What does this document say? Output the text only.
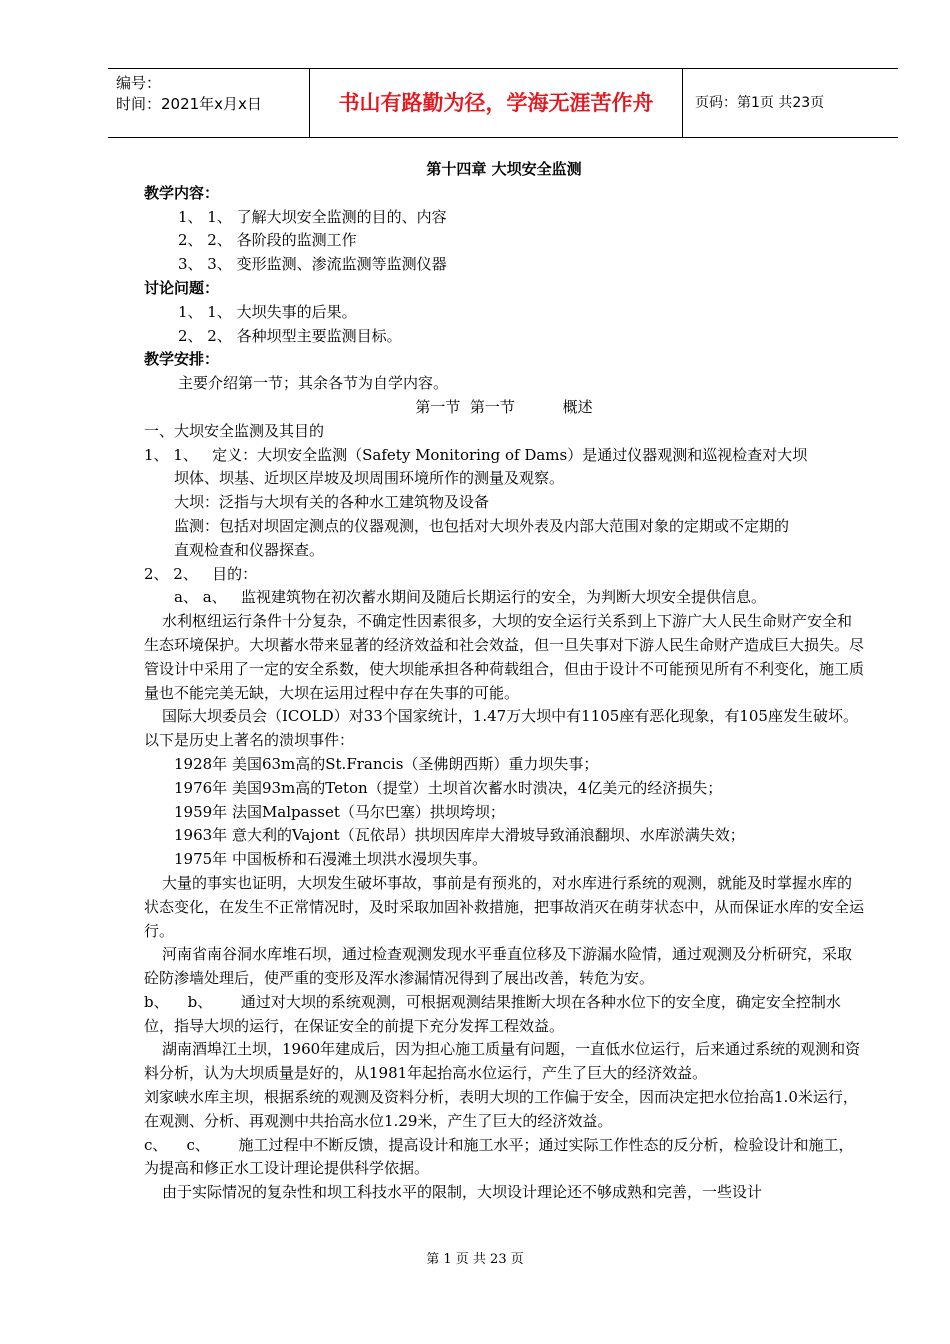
编号：
时间：2021年x月x日	书山有路勤为径，学海无涯苦作舟	页码：第1页 共23页

第十四章 大坝安全监测

教学内容：

1、 1、 了解大坝安全监测的目的、内容

2、 2、 各阶段的监测工作

3、 3、 变形监测、渗流监测等监测仪器

讨论问题：

1、 1、 大坝失事的后果。

2、 2、 各种坝型主要监测目标。

教学安排：

主要介绍第一节；其余各节为自学内容。

第一节  第一节          概述

一、大坝安全监测及其目的

1、 1、   定义：大坝安全监测（Safety Monitoring of Dams）是通过仪器观测和巡视检查对大坝

坝体、坝基、近坝区岸坡及坝周围环境所作的测量及观察。

大坝：泛指与大坝有关的各种水工建筑物及设备

监测：包括对坝固定测点的仪器观测，也包括对大坝外表及内部大范围对象的定期或不定期的

直观检查和仪器探查。

2、 2、   目的：

a、 a、   监视建筑物在初次蓄水期间及随后长期运行的安全，为判断大坝安全提供信息。

水利枢纽运行条件十分复杂，不确定性因素很多，大坝的安全运行关系到上下游广大人民生命财产安全和生态环境保护。大坝蓄水带来显著的经济效益和社会效益，但一旦失事对下游人民生命财产造成巨大损失。尽管设计中采用了一定的安全系数，使大坝能承担各种荷载组合，但由于设计不可能预见所有不利变化，施工质量也不能完美无缺，大坝在运用过程中存在失事的可能。

国际大坝委员会（ICOLD）对33个国家统计，1.47万大坝中有1105座有恶化现象，有105座发生破坏。以下是历史上著名的溃坝事件：

1928年 美国63m高的St.Francis（圣佛朗西斯）重力坝失事；

1976年 美国93m高的Teton（提堂）土坝首次蓄水时溃决，4亿美元的经济损失；

1959年 法国Malpasset（马尔巴塞）拱坝垮坝；

1963年 意大利的Vajont（瓦依昂）拱坝因库岸大滑坡导致涌浪翻坝、水库淤满失效；

1975年 中国板桥和石漫滩土坝洪水漫坝失事。

大量的事实也证明，大坝发生破坏事故，事前是有预兆的，对水库进行系统的观测，就能及时掌握水库的状态变化，在发生不正常情况时，及时采取加固补救措施，把事故消灭在萌芽状态中，从而保证水库的安全运行。

河南省南谷洞水库堆石坝，通过检查观测发现水平垂直位移及下游漏水险情，通过观测及分析研究，采取砼防渗墙处理后，使严重的变形及浑水渗漏情况得到了展出改善，转危为安。

b、    b、      通过对大坝的系统观测，可根据观测结果推断大坝在各种水位下的安全度，确定安全控制水位，指导大坝的运行，在保证安全的前提下充分发挥工程效益。

湖南酒埠江土坝，1960年建成后，因为担心施工质量有问题，一直低水位运行，后来通过系统的观测和资料分析，认为大坝质量是好的，从1981年起抬高水位运行，产生了巨大的经济效益。

刘家峡水库主坝，根据系统的观测及资料分析，表明大坝的工作偏于安全，因而决定把水位抬高1.0米运行，在观测、分析、再观测中共抬高水位1.29米，产生了巨大的经济效益。

c、    c、      施工过程中不断反馈，提高设计和施工水平；通过实际工作性态的反分析，检验设计和施工，为提高和修正水工设计理论提供科学依据。

由于实际情况的复杂性和坝工科技水平的限制，大坝设计理论还不够成熟和完善，一些设计

第 1 页 共 23 页
